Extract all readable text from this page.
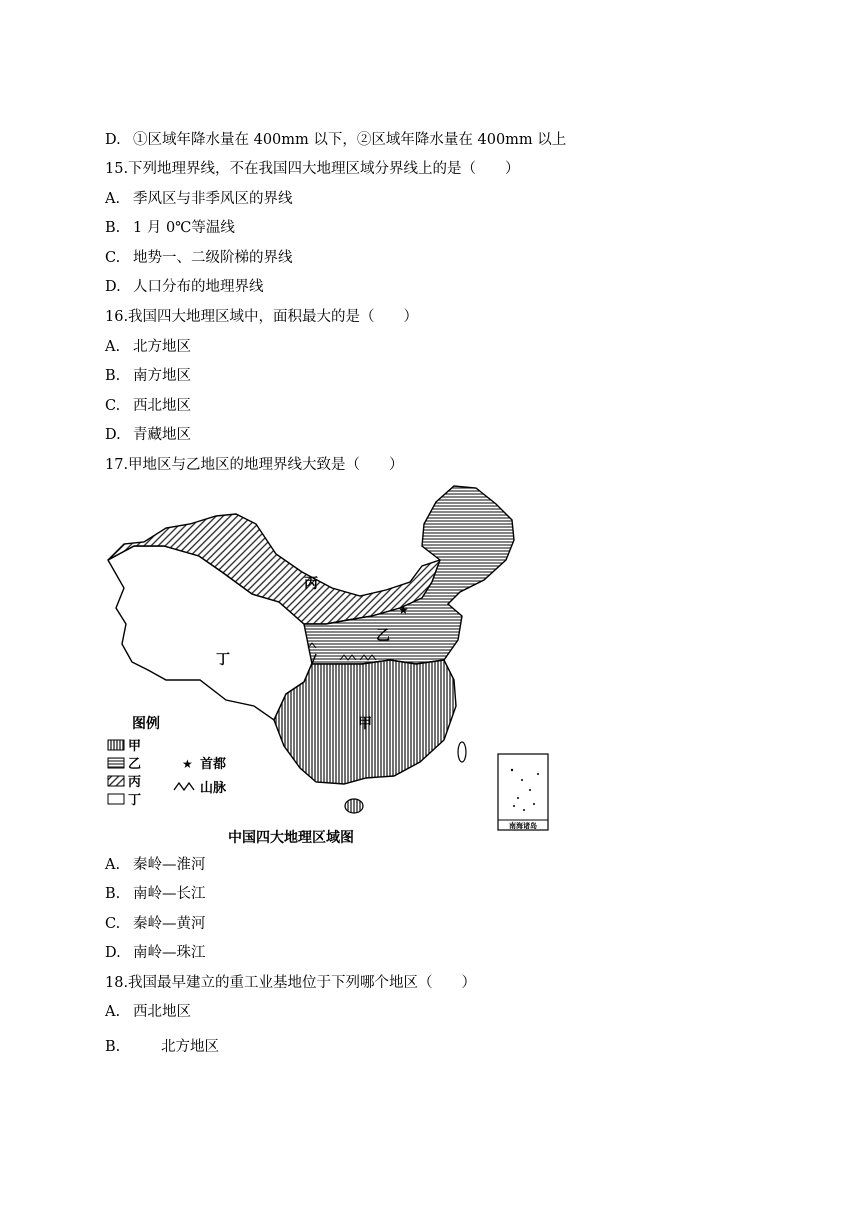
D. ①区域年降水量在 400mm 以下，②区域年降水量在 400mm 以上
15.下列地理界线，不在我国四大地理区域分界线上的是（　　）
A. 季风区与非季风区的界线
B. 1 月 0℃等温线
C. 地势一、二级阶梯的界线
D. 人口分布的地理界线
16.我国四大地理区域中，面积最大的是（　　）
A. 北方地区
B. 南方地区
C. 西北地区
D. 青藏地区
17.甲地区与乙地区的地理界线大致是（　　）
★
甲
乙
丙
丁
图例
甲
乙
丙
丁
★ 首都
山脉
南海诸岛
中国四大地理区域图
A. 秦岭—淮河
B. 南岭—长江
C. 秦岭—黄河
D. 南岭—珠江
18.我国最早建立的重工业基地位于下列哪个地区（　　）
A. 西北地区
B.	北方地区
